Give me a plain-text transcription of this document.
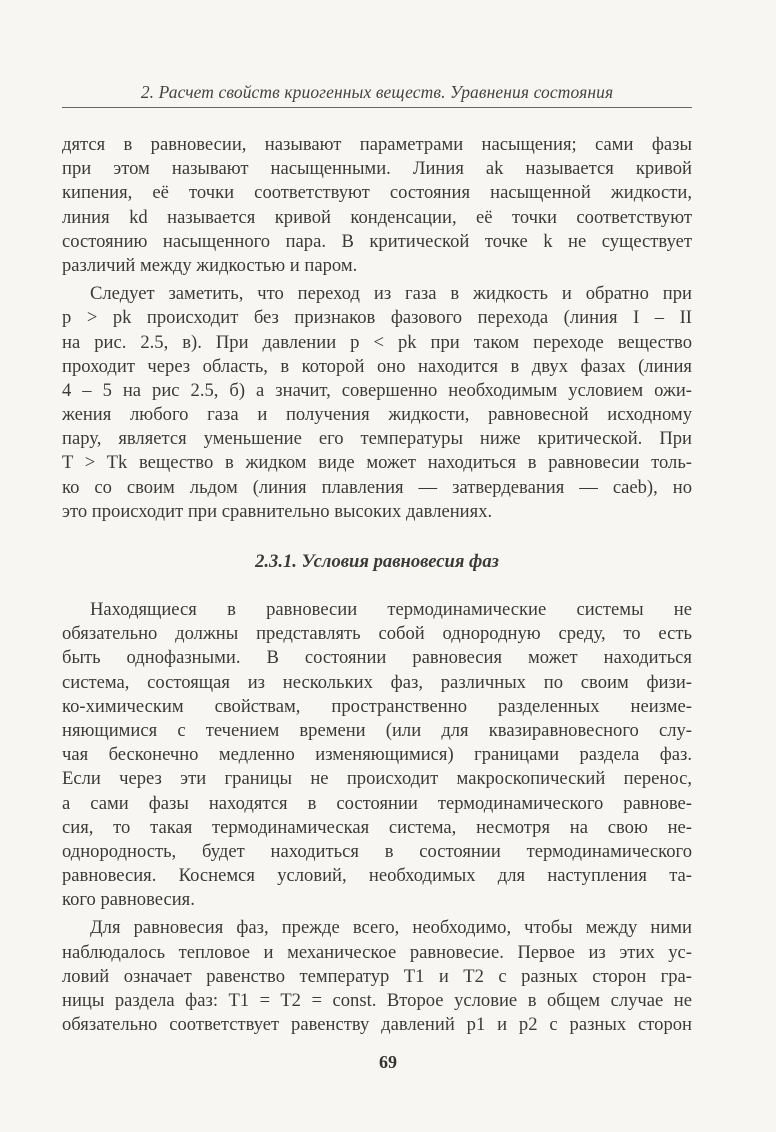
2. Расчет свойств криогенных веществ. Уравнения состояния
дятся в равновесии, называют параметрами насыщения; сами фазы
при этом называют насыщенными. Линия ak называется кривой
кипения, её точки соответствуют состояния насыщенной жидкости,
линия kd называется кривой конденсации, её точки соответствуют
состоянию насыщенного пара. В критической точке k не существует
различий между жидкостью и паром.
Следует заметить, что переход из газа в жидкость и обратно при
p > pk происходит без признаков фазового перехода (линия I – II
на рис. 2.5, в). При давлении p < pk при таком переходе вещество
проходит через область, в которой оно находится в двух фазах (линия
4 – 5 на рис 2.5, б) а значит, совершенно необходимым условием ожи-
жения любого газа и получения жидкости, равновесной исходному
пару, является уменьшение его температуры ниже критической. При
T > Tk вещество в жидком виде может находиться в равновесии толь-
ко со своим льдом (линия плавления — затвердевания — caeb), но
это происходит при сравнительно высоких давлениях.
2.3.1. Условия равновесия фаз
Находящиеся в равновесии термодинамические системы не
обязательно должны представлять собой однородную среду, то есть
быть однофазными. В состоянии равновесия может находиться
система, состоящая из нескольких фаз, различных по своим физи-
ко-химическим свойствам, пространственно разделенных неизме-
няющимися с течением времени (или для квазиравновесного слу-
чая бесконечно медленно изменяющимися) границами раздела фаз.
Если через эти границы не происходит макроскопический перенос,
а сами фазы находятся в состоянии термодинамического равнове-
сия, то такая термодинамическая система, несмотря на свою не-
однородность, будет находиться в состоянии термодинамического
равновесия. Коснемся условий, необходимых для наступления та-
кого равновесия.
Для равновесия фаз, прежде всего, необходимо, чтобы между ними
наблюдалось тепловое и механическое равновесие. Первое из этих ус-
ловий означает равенство температур T1 и T2 с разных сторон гра-
ницы раздела фаз: T1 = T2 = const. Второе условие в общем случае не
обязательно соответствует равенству давлений p1 и p2 с разных сторон
69
